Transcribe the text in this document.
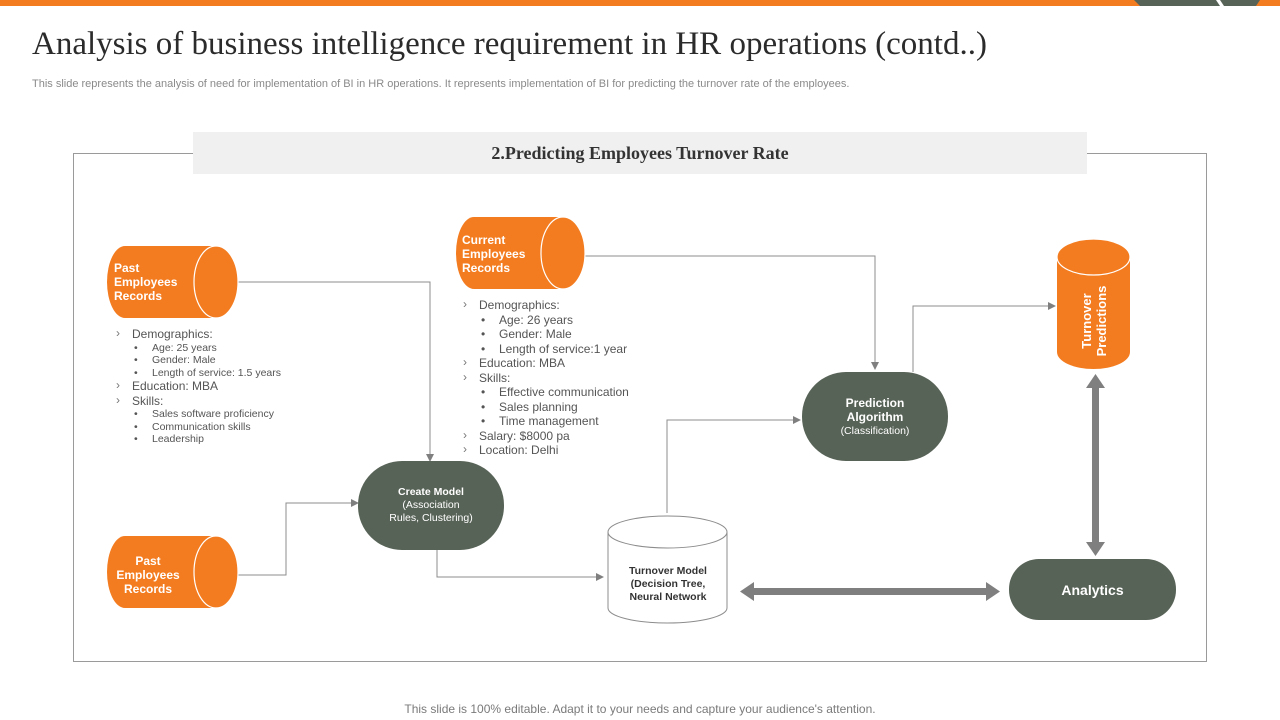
Analysis of business intelligence requirement in HR operations (contd..)
This slide represents the analysis of need for implementation of BI in HR operations. It represents implementation of BI for predicting the turnover rate of the employees.
2.Predicting Employees Turnover Rate
Past
Employees
Records
Current
Employees
Records
Past
Employees
Records
Turnover Predictions
Turnover Model
(Decision Tree,
Neural Network
Create Model
(Association
Rules, Clustering)
Prediction
Algorithm
(Classification)
Analytics
› Demographics:
• Age: 25 years
• Gender: Male
• Length of service: 1.5 years
› Education: MBA
› Skills:
• Sales software proficiency
• Communication skills
• Leadership
› Demographics:
• Age: 26 years
• Gender: Male
• Length of service:1 year
› Education: MBA
› Skills:
• Effective communication
• Sales planning
• Time management
› Salary: $8000 pa
› Location: Delhi
This slide is 100% editable. Adapt it to your needs and capture your audience's attention.
